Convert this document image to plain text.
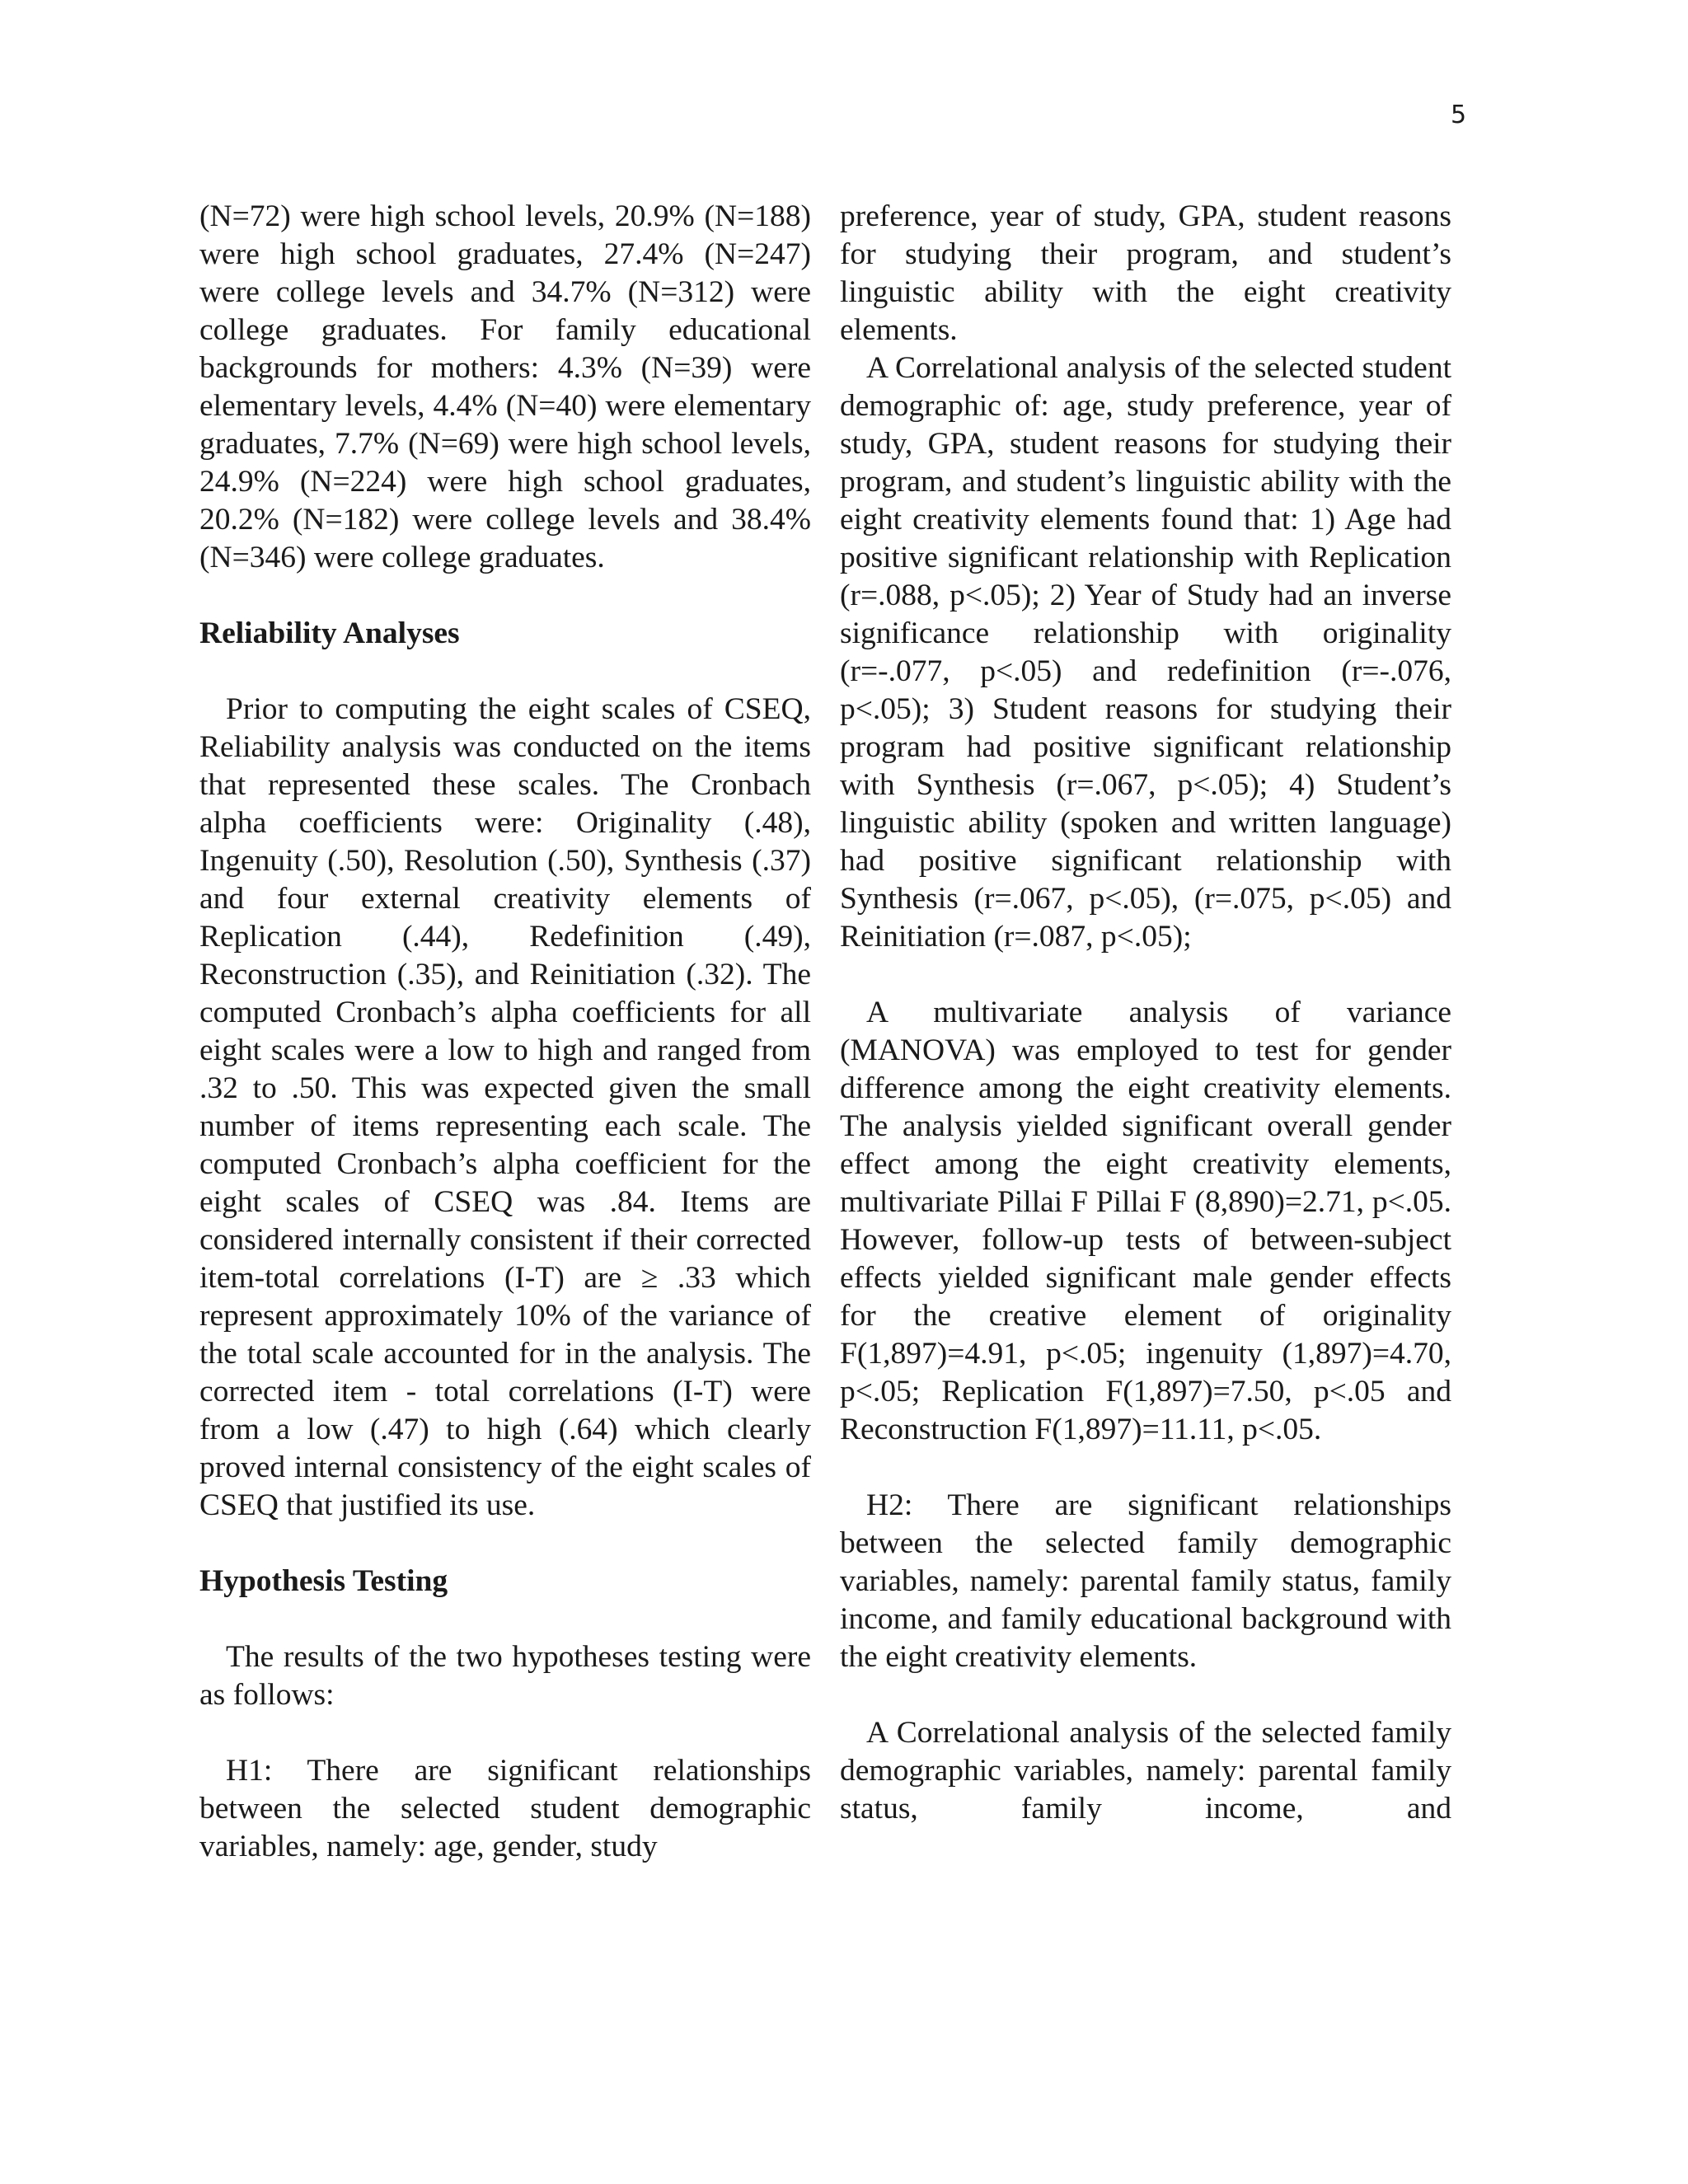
5

(N=72) were high school levels, 20.9% (N=188) were high school graduates, 27.4% (N=247) were college levels and 34.7% (N=312) were college graduates. For family educational backgrounds for mothers: 4.3% (N=39) were elementary levels, 4.4% (N=40) were elementary graduates, 7.7% (N=69) were high school levels, 24.9% (N=224) were high school graduates, 20.2% (N=182) were college levels and 38.4% (N=346) were college graduates.

Reliability Analyses

Prior to computing the eight scales of CSEQ, Reliability analysis was conducted on the items that represented these scales. The Cronbach alpha coefficients were: Originality (.48), Ingenuity (.50), Resolution (.50), Synthesis (.37) and four external creativity elements of Replication (.44), Redefinition (.49), Reconstruction (.35), and Reinitiation (.32). The computed Cronbach’s alpha coefficients for all eight scales were a low to high and ranged from .32 to .50. This was expected given the small number of items representing each scale. The computed Cronbach’s alpha coefficient for the eight scales of CSEQ was .84. Items are considered internally consistent if their corrected item-total correlations (I-T) are ≥ .33 which represent approximately 10% of the variance of the total scale accounted for in the analysis. The corrected item - total correlations (I-T) were from a low (.47) to high (.64) which clearly proved internal consistency of the eight scales of CSEQ that justified its use.

Hypothesis Testing

The results of the two hypotheses testing were as follows:

H1: There are significant relationships between the selected student demographic variables, namely: age, gender, study

preference, year of study, GPA, student reasons for studying their program, and student’s linguistic ability with the eight creativity elements.

A Correlational analysis of the selected student demographic of: age, study preference, year of study, GPA, student reasons for studying their program, and student’s linguistic ability with the eight creativity elements found that: 1) Age had positive significant relationship with Replication (r=.088, p<.05); 2) Year of Study had an inverse significance relationship with originality (r=-.077, p<.05) and redefinition (r=-.076, p<.05); 3) Student reasons for studying their program had positive significant relationship with Synthesis (r=.067, p<.05); 4) Student’s linguistic ability (spoken and written language) had positive significant relationship with Synthesis (r=.067, p<.05), (r=.075, p<.05) and Reinitiation (r=.087, p<.05);

A multivariate analysis of variance (MANOVA) was employed to test for gender difference among the eight creativity elements. The analysis yielded significant overall gender effect among the eight creativity elements, multivariate Pillai F Pillai F (8,890)=2.71, p<.05. However, follow-up tests of between-subject effects yielded significant male gender effects for the creative element of originality F(1,897)=4.91, p<.05; ingenuity (1,897)=4.70, p<.05; Replication F(1,897)=7.50, p<.05 and Reconstruction F(1,897)=11.11, p<.05.

H2: There are significant relationships between the selected family demographic variables, namely: parental family status, family income, and family educational background with the eight creativity elements.

A Correlational analysis of the selected family demographic variables, namely: parental family status, family income, and
